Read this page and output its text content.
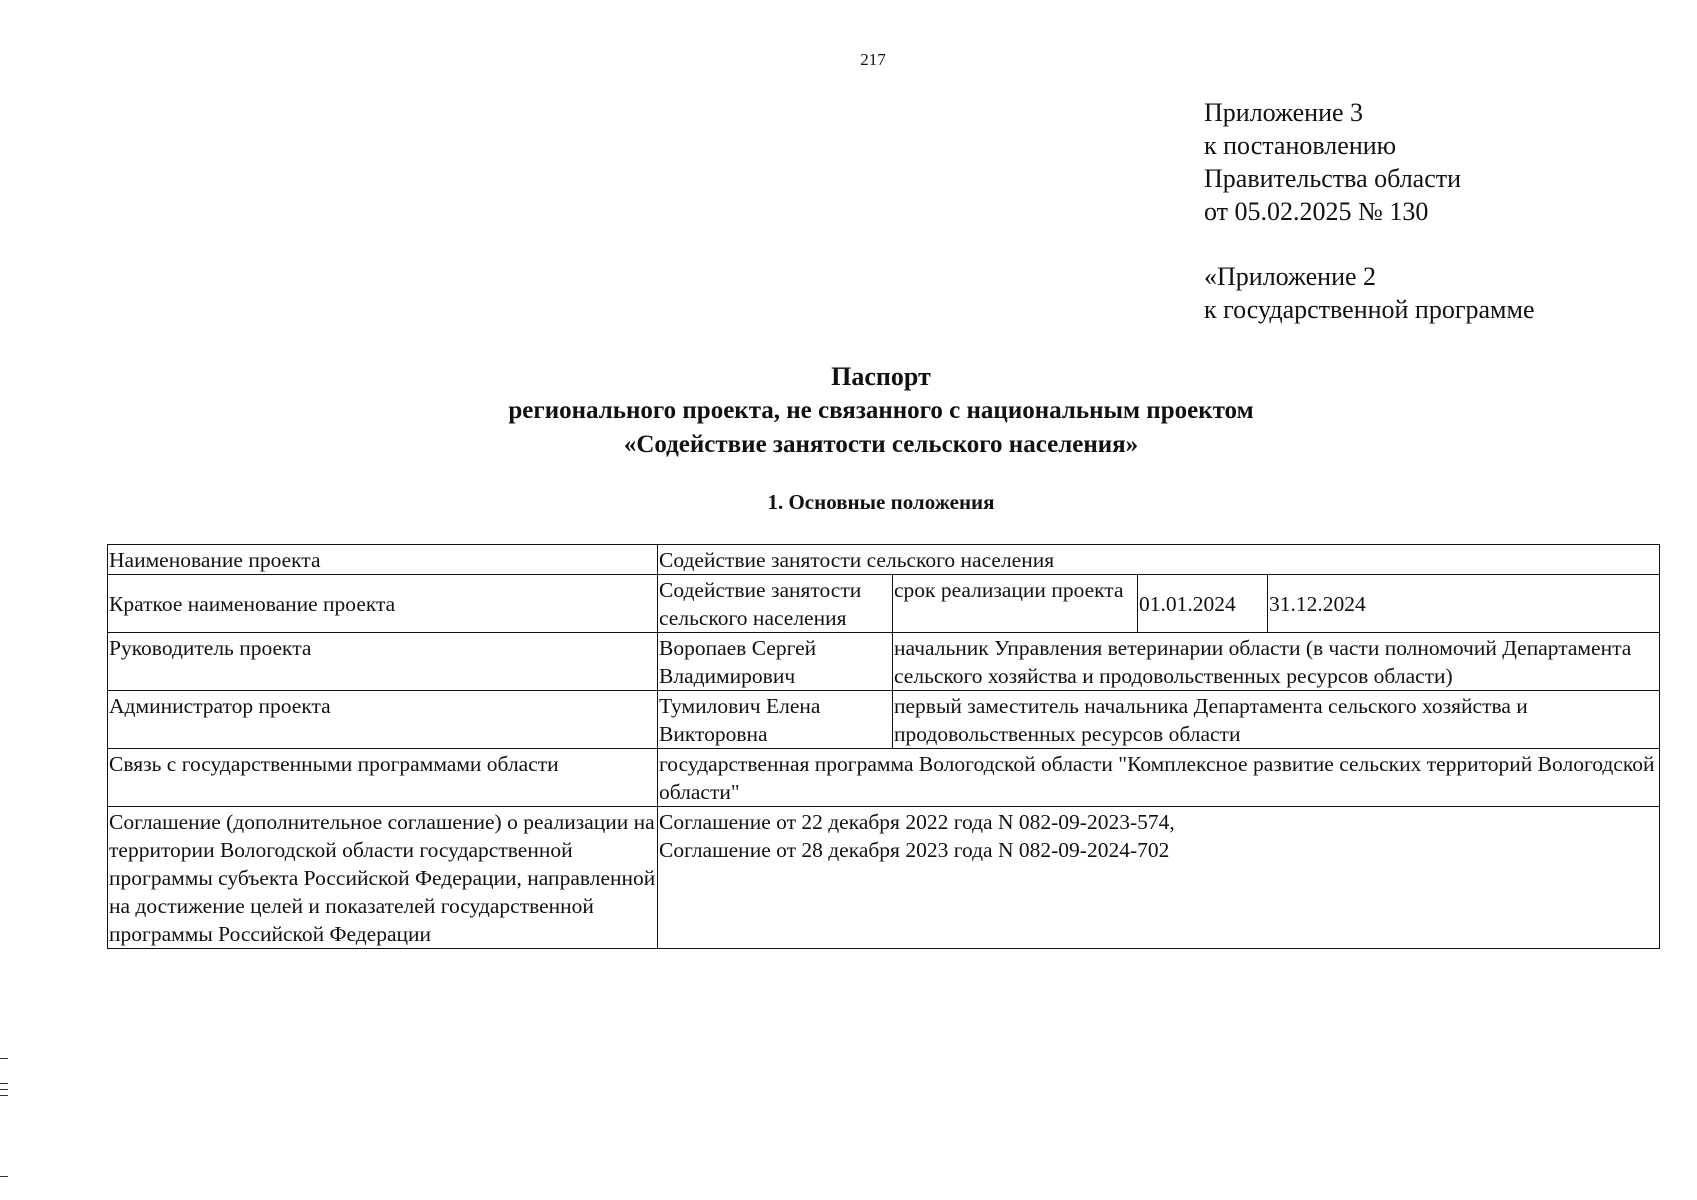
217
Приложение 3
к постановлению
Правительства области
от 05.02.2025 № 130
«Приложение 2
к государственной программе
Паспорт
регионального проекта, не связанного с национальным проектом
«Содействие занятости сельского населения»
1. Основные положения
Наименование проекта	Содействие занятости сельского населения			
Краткое наименование проекта	Содействие занятости сельского населения	срок реализации проекта	01.01.2024	31.12.2024
Руководитель проекта	Воропаев Сергей Владимирович	начальник Управления ветеринарии области (в части полномочий Департамента сельского хозяйства и продовольственных ресурсов области)		
Администратор проекта	Тумилович Елена Викторовна	первый заместитель начальника Департамента сельского хозяйства и продовольственных ресурсов области		
Связь с государственными программами области	государственная программа Вологодской области "Комплексное развитие сельских территорий Вологодской области"			
Соглашение (дополнительное соглашение) о реализации на территории Вологодской области государственной программы субъекта Российской Федерации, направленной на достижение целей и показателей государственной программы Российской Федерации	Соглашение от 22 декабря 2022 года N 082-09-2023-574,
Соглашение от 28 декабря 2023 года N 082-09-2024-702			
